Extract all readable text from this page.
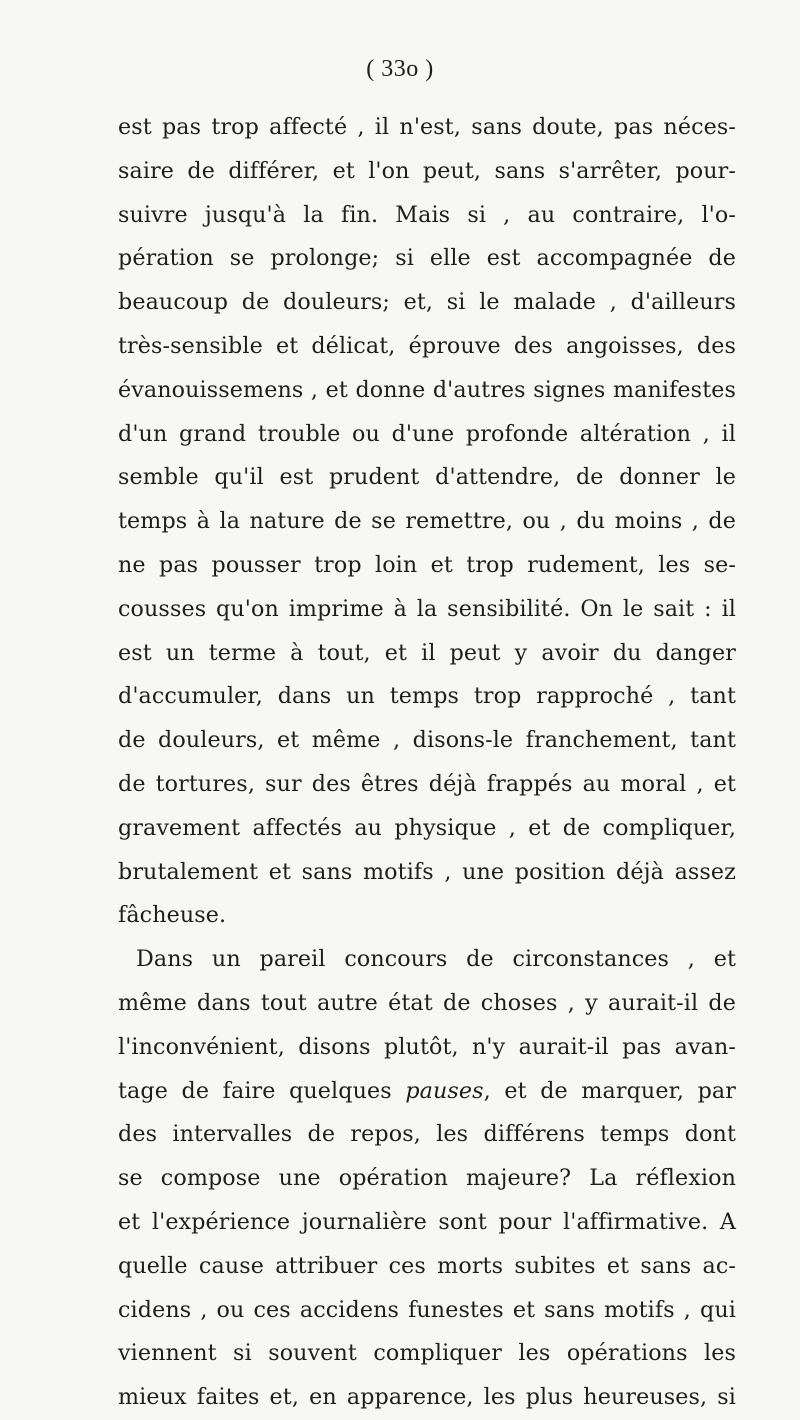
( 33o )
est pas trop affecté , il n'est, sans doute, pas néces-
saire de différer, et l'on peut, sans s'arrêter, pour-
suivre jusqu'à la fin. Mais si , au contraire, l'o-
pération se prolonge; si elle est accompagnée de
beaucoup de douleurs; et, si le malade , d'ailleurs
très-sensible et délicat, éprouve des angoisses, des
évanouissemens , et donne d'autres signes manifestes
d'un grand trouble ou d'une profonde altération , il
semble qu'il est prudent d'attendre, de donner le
temps à la nature de se remettre, ou , du moins , de
ne pas pousser trop loin et trop rudement, les se-
cousses qu'on imprime à la sensibilité. On le sait : il
est un terme à tout, et il peut y avoir du danger
d'accumuler, dans un temps trop rapproché , tant
de douleurs, et même , disons-le franchement, tant
de tortures, sur des êtres déjà frappés au moral , et
gravement affectés au physique , et de compliquer,
brutalement et sans motifs , une position déjà assez
fâcheuse.
Dans un pareil concours de circonstances , et
même dans tout autre état de choses , y aurait-il de
l'inconvénient, disons plutôt, n'y aurait-il pas avan-
tage de faire quelques pauses, et de marquer, par
des intervalles de repos, les différens temps dont
se compose une opération majeure? La réflexion
et l'expérience journalière sont pour l'affirmative. A
quelle cause attribuer ces morts subites et sans ac-
cidens , ou ces accidens funestes et sans motifs , qui
viennent si souvent compliquer les opérations les
mieux faites et, en apparence, les plus heureuses, si
